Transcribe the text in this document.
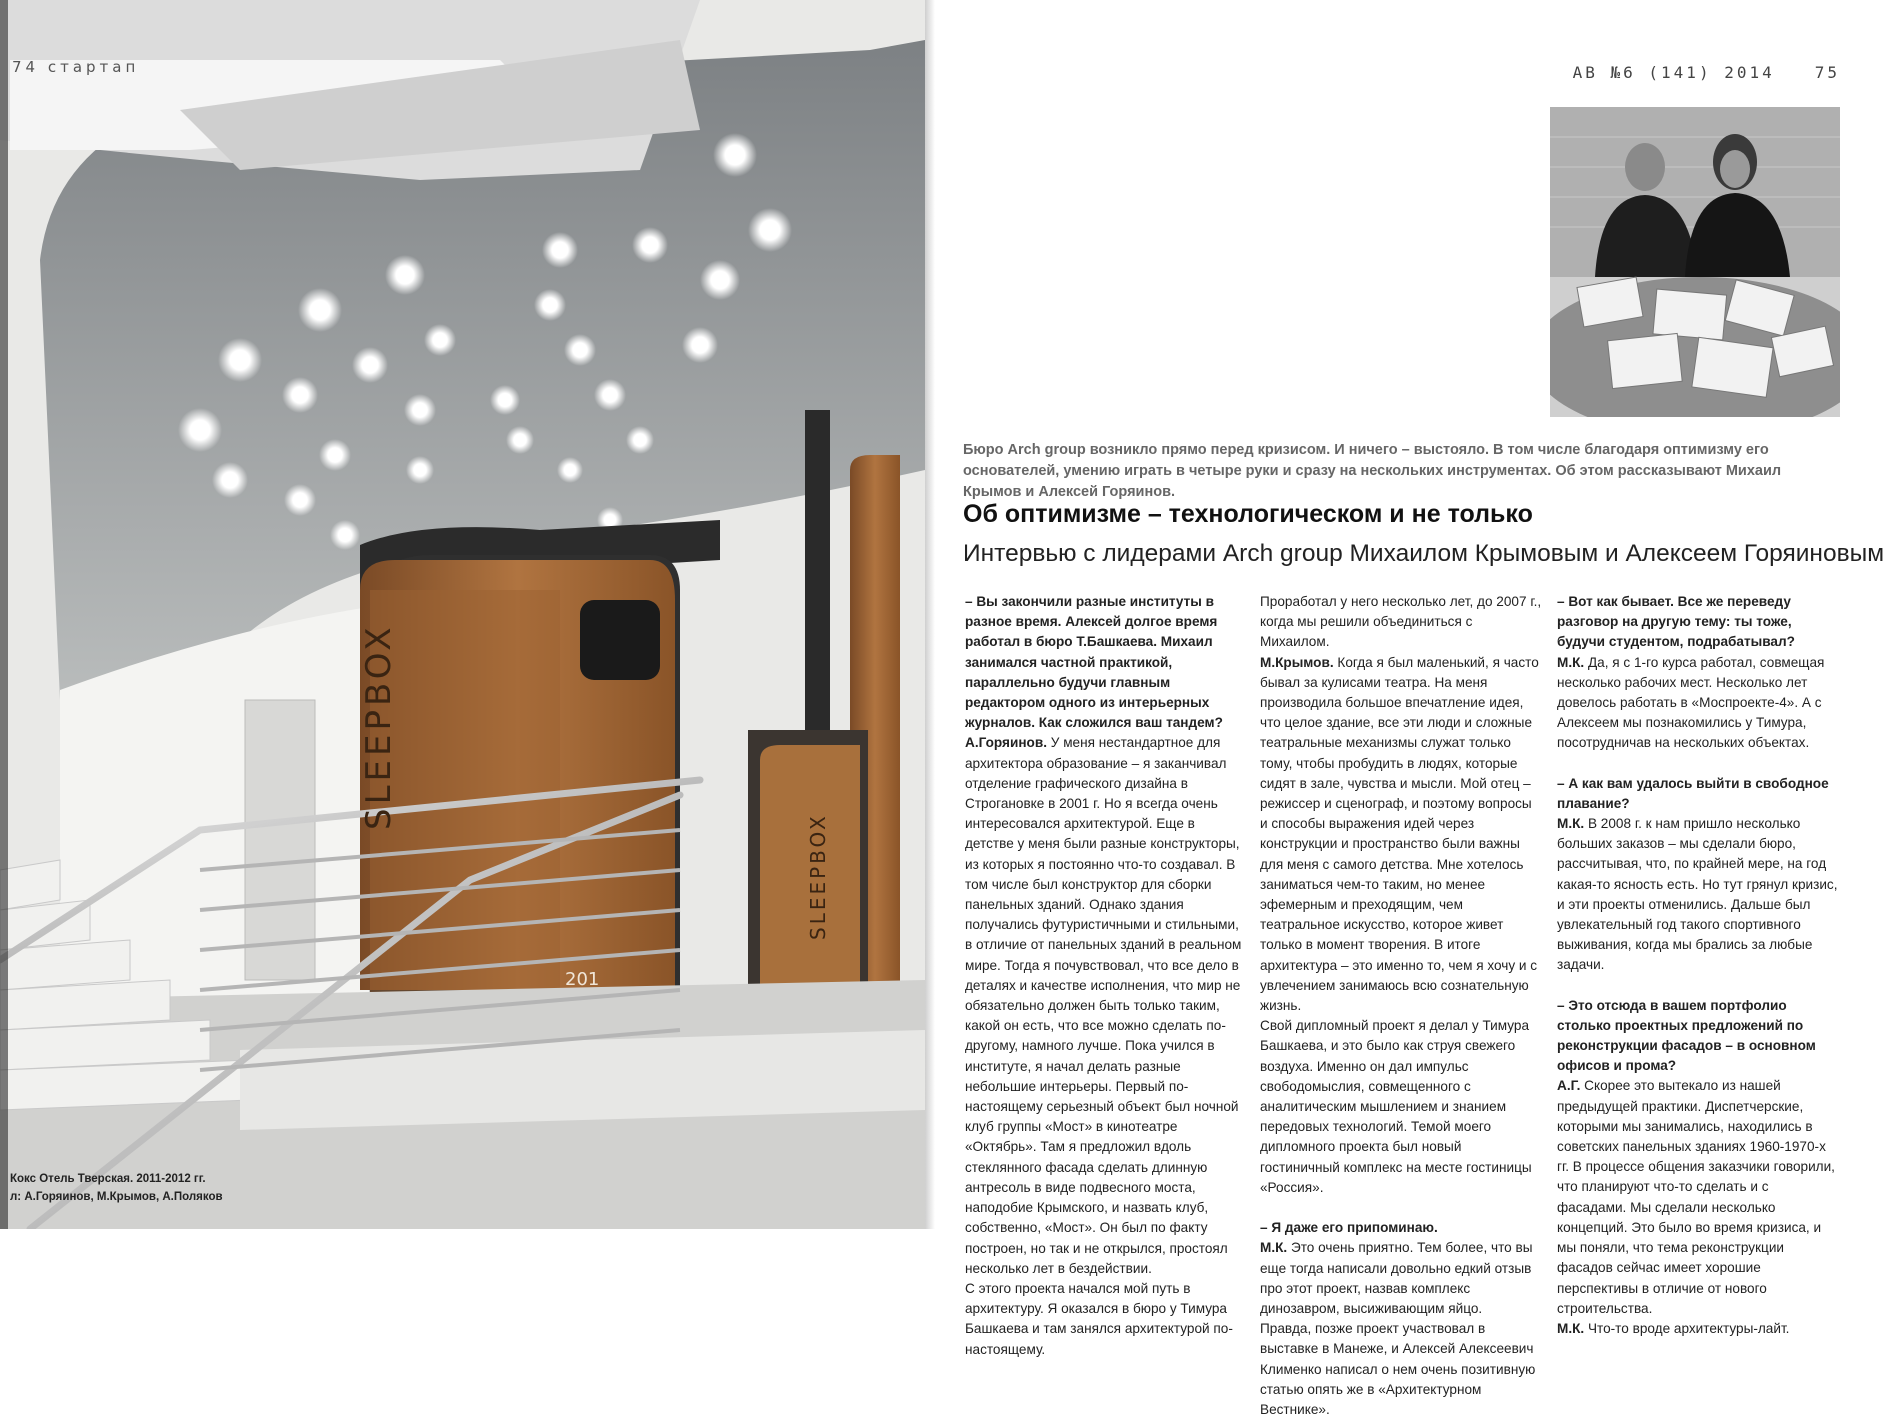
SLEEPBOX
SLEEPBOX
201
74 стартап
Кокс Отель Тверская. 2011-2012 гг.
л: А.Горяинов, М.Крымов, А.Поляков
АВ №6 (141) 2014	75
Бюро Arch group возникло прямо перед кризисом. И ничего – выстояло. В том числе благодаря оптимизму его основателей, умению играть в четыре руки и сразу на нескольких инструментах. Об этом рассказывают Михаил Крымов и Алексей Горяинов.
Об оптимизме – технологическом и не только
Интервью с лидерами Arch group Михаилом Крымовым и Алексеем Горяиновым

– Вы закончили разные институты в разное время. Алексей долгое время работал в бюро Т.Башкаева. Михаил занимался частной практикой, параллельно будучи главным редактором одного из интерьерных журналов. Как сложился ваш тандем?

А.Горяинов. У меня нестандартное для архитектора образование – я заканчивал отделение графического дизайна в Строгановке в 2001 г. Но я всегда очень интересовался архитектурой. Еще в детстве у меня были разные конструкторы, из которых я постоянно что-то создавал. В том числе был конструктор для сборки панельных зданий. Однако здания получались футуристичными и стильными, в отличие от панельных зданий в реальном мире. Тогда я почувствовал, что все дело в деталях и качестве исполнения, что мир не обязательно должен быть только таким, какой он есть, что все можно сделать по-другому, намного лучше. Пока учился в институте, я начал делать разные небольшие интерьеры. Первый по-настоящему серьезный объект был ночной клуб группы «Мост» в кинотеатре «Октябрь». Там я предложил вдоль стеклянного фасада сделать длинную антресоль в виде подвесного моста, наподобие Крымского, и назвать клуб, собственно, «Мост». Он был по факту построен, но так и не открылся, простоял несколько лет в бездействии.

С этого проекта начался мой путь в архитектуру. Я оказался в бюро у Тимура Башкаева и там занялся архитектурой по-настоящему.

Проработал у него несколько лет, до 2007 г., когда мы решили объединиться с Михаилом.

М.Крымов. Когда я был маленький, я часто бывал за кулисами театра. На меня производила большое впечатление идея, что целое здание, все эти люди и сложные театральные механизмы служат только тому, чтобы пробудить в людях, которые сидят в зале, чувства и мысли. Мой отец – режиссер и сценограф, и поэтому вопросы и способы выражения идей через конструкции и пространство были важны для меня с самого детства. Мне хотелось заниматься чем-то таким, но менее эфемерным и преходящим, чем театральное искусство, которое живет только в момент творения. В итоге архитектура – это именно то, чем я хочу и с увлечением занимаюсь всю сознательную жизнь.

Свой дипломный проект я делал у Тимура Башкаева, и это было как струя свежего воздуха. Именно он дал импульс свободомыслия, совмещенного с аналитическим мышлением и знанием передовых технологий. Темой моего дипломного проекта был новый гостиничный комплекс на месте гостиницы «Россия».

– Я даже его припоминаю.

М.К. Это очень приятно. Тем более, что вы еще тогда написали довольно едкий отзыв про этот проект, назвав комплекс динозавром, высиживающим яйцо.

Правда, позже проект участвовал в выставке в Манеже, и Алексей Алексеевич Клименко написал о нем очень позитивную статью опять же в «Архитектурном Вестнике».

– Вот как бывает. Все же переведу разговор на другую тему: ты тоже, будучи студентом, подрабатывал?

М.К. Да, я с 1-го курса работал, совмещая несколько рабочих мест. Несколько лет довелось работать в «Моспроекте-4». А с Алексеем мы познакомились у Тимура, посотрудничав на нескольких объектах.

– А как вам удалось выйти в свободное плавание?

М.К. В 2008 г. к нам пришло несколько больших заказов – мы сделали бюро, рассчитывая, что, по крайней мере, на год какая-то ясность есть. Но тут грянул кризис, и эти проекты отменились. Дальше был увлекательный год такого спортивного выживания, когда мы брались за любые задачи.

– Это отсюда в вашем портфолио столько проектных предложений по реконструкции фасадов – в основном офисов и прома?

А.Г. Скорее это вытекало из нашей предыдущей практики. Диспетчерские, которыми мы занимались, находились в советских панельных зданиях 1960-1970-х гг. В процессе общения заказчики говорили, что планируют что-то сделать и с фасадами. Мы сделали несколько концепций. Это было во время кризиса, и мы поняли, что тема реконструкции фасадов сейчас имеет хорошие перспективы в отличие от нового строительства.

М.К. Что-то вроде архитектуры-лайт.
